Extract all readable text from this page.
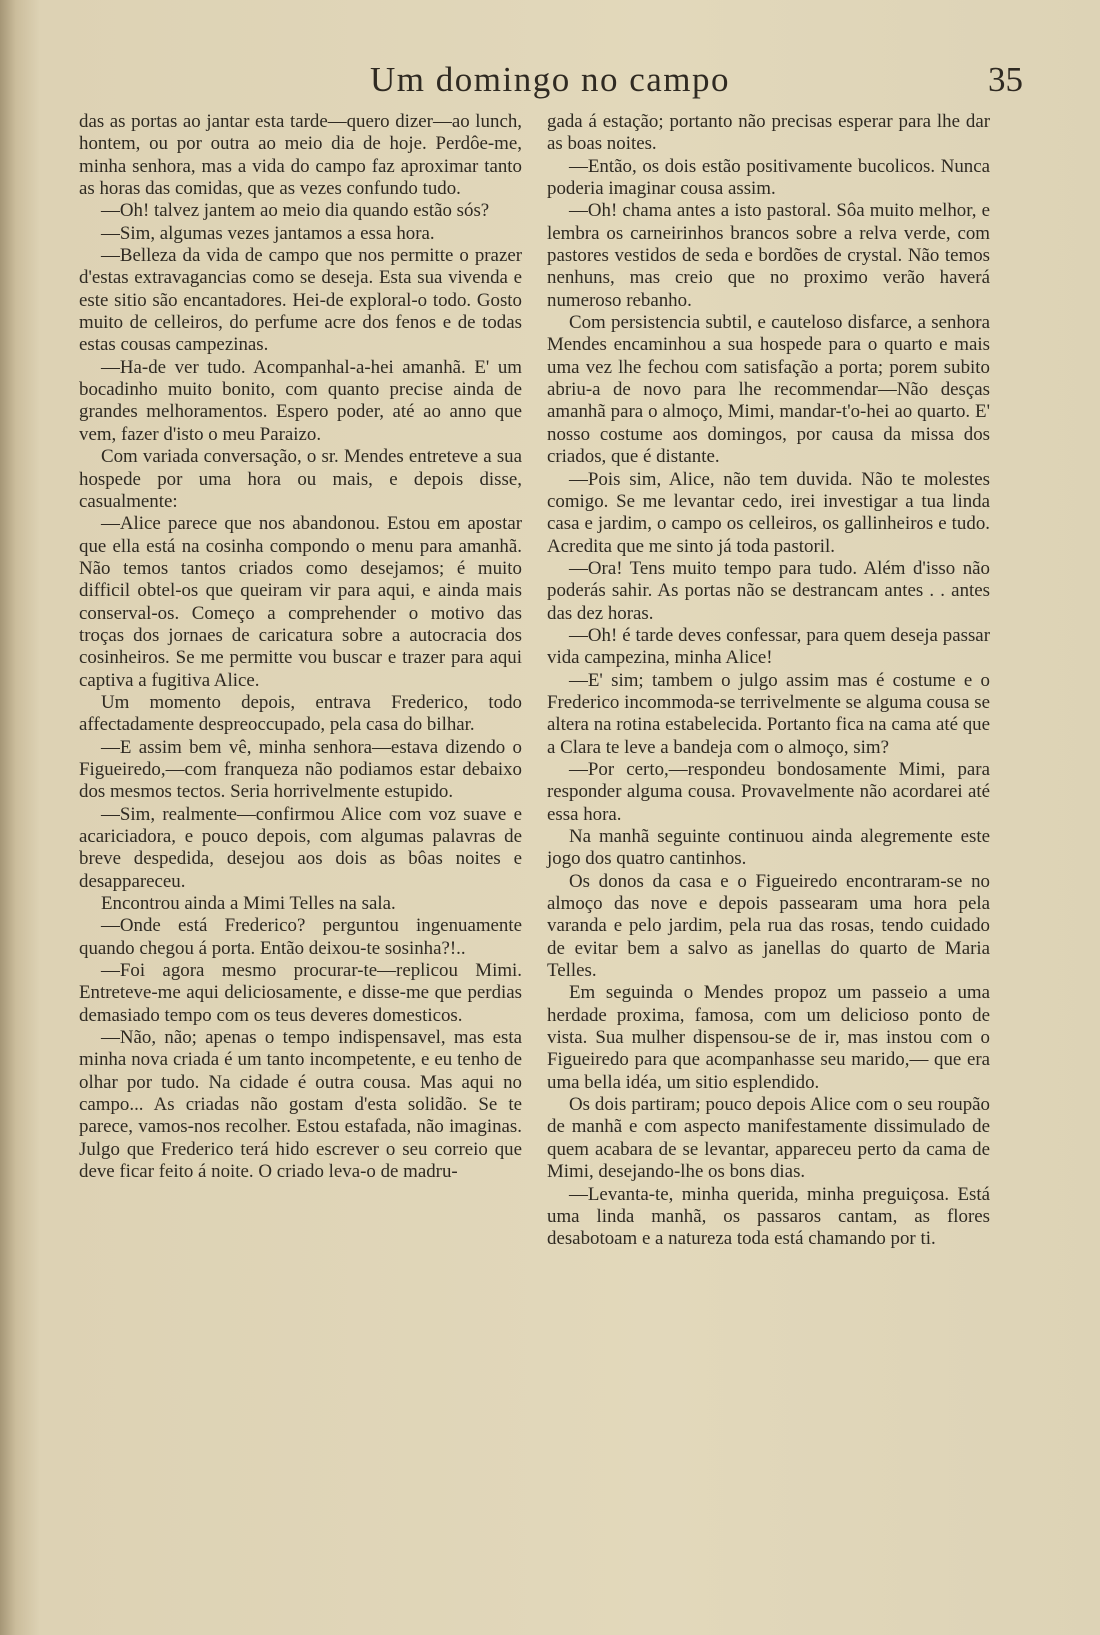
Um domingo no campo	35

das as portas ao jantar esta tarde—quero dizer—ao lunch, hontem, ou por outra ao meio dia de hoje. Perdôe-me, minha senhora, mas a vida do campo faz aproximar tanto as horas das comidas, que as vezes confundo tudo.

—Oh! talvez jantem ao meio dia quando estão sós?

—Sim, algumas vezes jantamos a essa hora.

—Belleza da vida de campo que nos permitte o prazer d'estas extravagancias como se deseja. Esta sua vivenda e este sitio são encantadores. Hei-de exploral-o todo. Gosto muito de celleiros, do perfume acre dos fenos e de todas estas cousas campezinas.

—Ha-de ver tudo. Acompanhal-a-hei amanhã. E' um bocadinho muito bonito, com quanto precise ainda de grandes melhoramentos. Espero poder, até ao anno que vem, fazer d'isto o meu Paraizo.

Com variada conversação, o sr. Mendes entreteve a sua hospede por uma hora ou mais, e depois disse, casualmente:

—Alice parece que nos abandonou. Estou em apostar que ella está na cosinha compondo o menu para amanhã. Não temos tantos criados como desejamos; é muito difficil obtel-os que queiram vir para aqui, e ainda mais conserval-os. Começo a comprehender o motivo das troças dos jornaes de caricatura sobre a autocracia dos cosinheiros. Se me permitte vou buscar e trazer para aqui captiva a fugitiva Alice.

Um momento depois, entrava Frederico, todo affectadamente despreoccupado, pela casa do bilhar.

—E assim bem vê, minha senhora—estava dizendo o Figueiredo,—com franqueza não podiamos estar debaixo dos mesmos tectos. Seria horrivelmente estupido.

—Sim, realmente—confirmou Alice com voz suave e acariciadora, e pouco depois, com algumas palavras de breve despedida, desejou aos dois as bôas noites e desappareceu.

Encontrou ainda a Mimi Telles na sala.

—Onde está Frederico? perguntou ingenuamente quando chegou á porta. Então deixou-te sosinha?!..

—Foi agora mesmo procurar-te—replicou Mimi. Entreteve-me aqui deliciosamente, e disse-me que perdias demasiado tempo com os teus deveres domesticos.

—Não, não; apenas o tempo indispensavel, mas esta minha nova criada é um tanto incompetente, e eu tenho de olhar por tudo. Na cidade é outra cousa. Mas aqui no campo... As criadas não gostam d'esta solidão. Se te parece, vamos-nos recolher. Estou estafada, não imaginas. Julgo que Frederico terá hido escrever o seu correio que deve ficar feito á noite. O criado leva-o de madru-

gada á estação; portanto não precisas esperar para lhe dar as boas noites.

—Então, os dois estão positivamente bucolicos. Nunca poderia imaginar cousa assim.

—Oh! chama antes a isto pastoral. Sôa muito melhor, e lembra os carneirinhos brancos sobre a relva verde, com pastores vestidos de seda e bordões de crystal. Não temos nenhuns, mas creio que no proximo verão haverá numeroso rebanho.

Com persistencia subtil, e cauteloso disfarce, a senhora Mendes encaminhou a sua hospede para o quarto e mais uma vez lhe fechou com satisfação a porta; porem subito abriu-a de novo para lhe recommendar—Não desças amanhã para o almoço, Mimi, mandar-t'o-hei ao quarto. E' nosso costume aos domingos, por causa da missa dos criados, que é distante.

—Pois sim, Alice, não tem duvida. Não te molestes comigo. Se me levantar cedo, irei investigar a tua linda casa e jardim, o campo os celleiros, os gallinheiros e tudo. Acredita que me sinto já toda pastoril.

—Ora! Tens muito tempo para tudo. Além d'isso não poderás sahir. As portas não se destrancam antes . . antes das dez horas.

—Oh! é tarde deves confessar, para quem deseja passar vida campezina, minha Alice!

—E' sim; tambem o julgo assim mas é costume e o Frederico incommoda-se terrivelmente se alguma cousa se altera na rotina estabelecida. Portanto fica na cama até que a Clara te leve a bandeja com o almoço, sim?

—Por certo,—respondeu bondosamente Mimi, para responder alguma cousa. Provavelmente não acordarei até essa hora.

Na manhã seguinte continuou ainda alegremente este jogo dos quatro cantinhos.

Os donos da casa e o Figueiredo encontraram-se no almoço das nove e depois passearam uma hora pela varanda e pelo jardim, pela rua das rosas, tendo cuidado de evitar bem a salvo as janellas do quarto de Maria Telles.

Em seguinda o Mendes propoz um passeio a uma herdade proxima, famosa, com um delicioso ponto de vista. Sua mulher dispensou-se de ir, mas instou com o Figueiredo para que acompanhasse seu marido,— que era uma bella idéa, um sitio esplendido.

Os dois partiram; pouco depois Alice com o seu roupão de manhã e com aspecto manifestamente dissimulado de quem acabara de se levantar, appareceu perto da cama de Mimi, desejando-lhe os bons dias.

—Levanta-te, minha querida, minha preguiçosa. Está uma linda manhã, os passaros cantam, as flores desabotoam e a natureza toda está chamando por ti.
